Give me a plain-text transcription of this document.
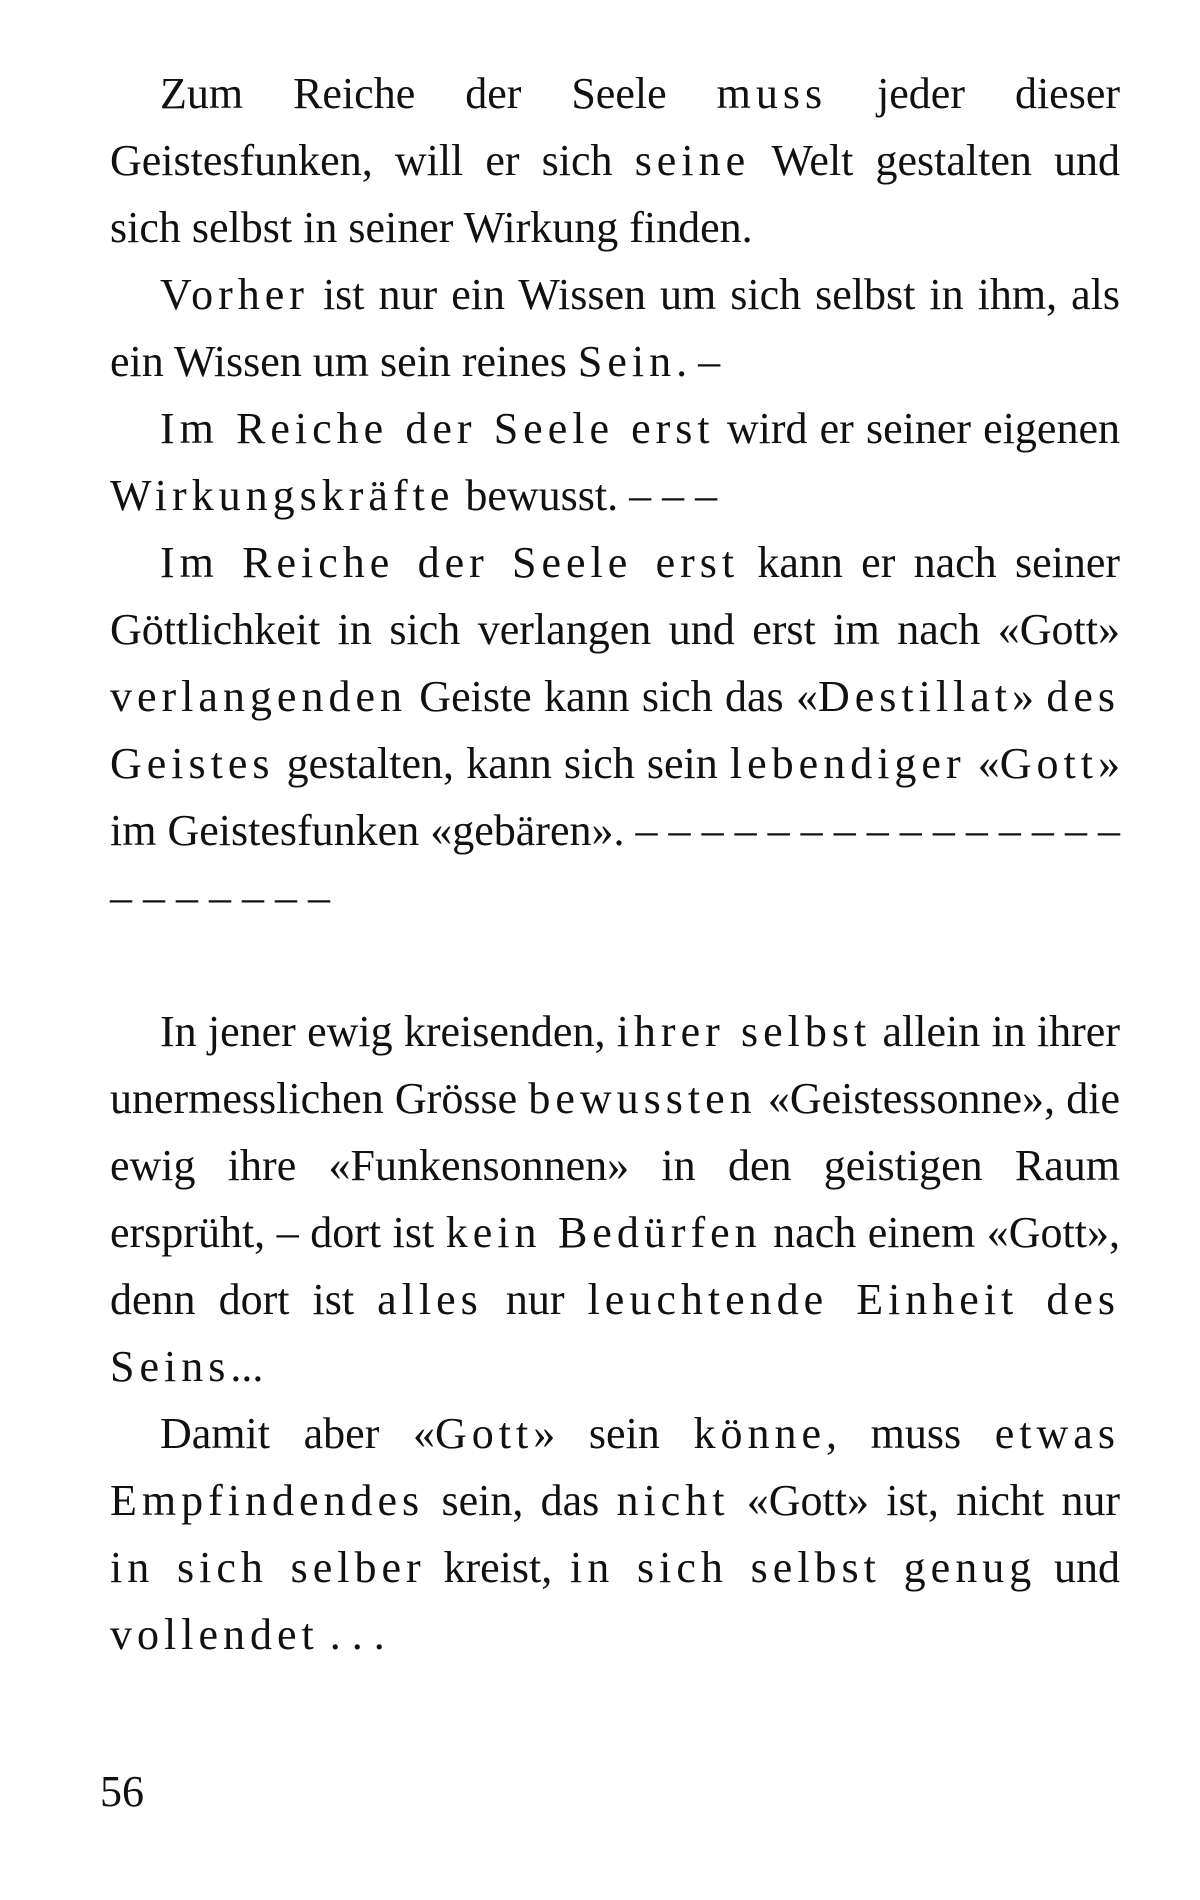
Zum Reiche der Seele muss jeder dieser Geistesfunken, will er sich seine Welt gestalten und sich selbst in seiner Wirkung finden.

Vorher ist nur ein Wissen um sich selbst in ihm, als ein Wissen um sein reines Sein. –

Im Reiche der Seele erst wird er seiner eigenen Wirkungskräfte bewusst. – – –

Im Reiche der Seele erst kann er nach seiner Göttlichkeit in sich verlangen und erst im nach «Gott» verlangenden Geiste kann sich das «Destillat» des Geistes gestalten, kann sich sein lebendiger «Gott» im Geistesfunken «gebären». – – – – – – – – – – – – – – – – – – – – – –

In jener ewig kreisenden, ihrer selbst allein in ihrer unermesslichen Grösse bewussten «Geistessonne», die ewig ihre «Funkensonnen» in den geistigen Raum ersprüht, – dort ist kein Bedürfen nach einem «Gott», denn dort ist alles nur leuchtende Einheit des Seins...

Damit aber «Gott» sein könne, muss etwas Empfindendes sein, das nicht «Gott» ist, nicht nur in sich selber kreist, in sich selbst genug und vollendet . . .

56
